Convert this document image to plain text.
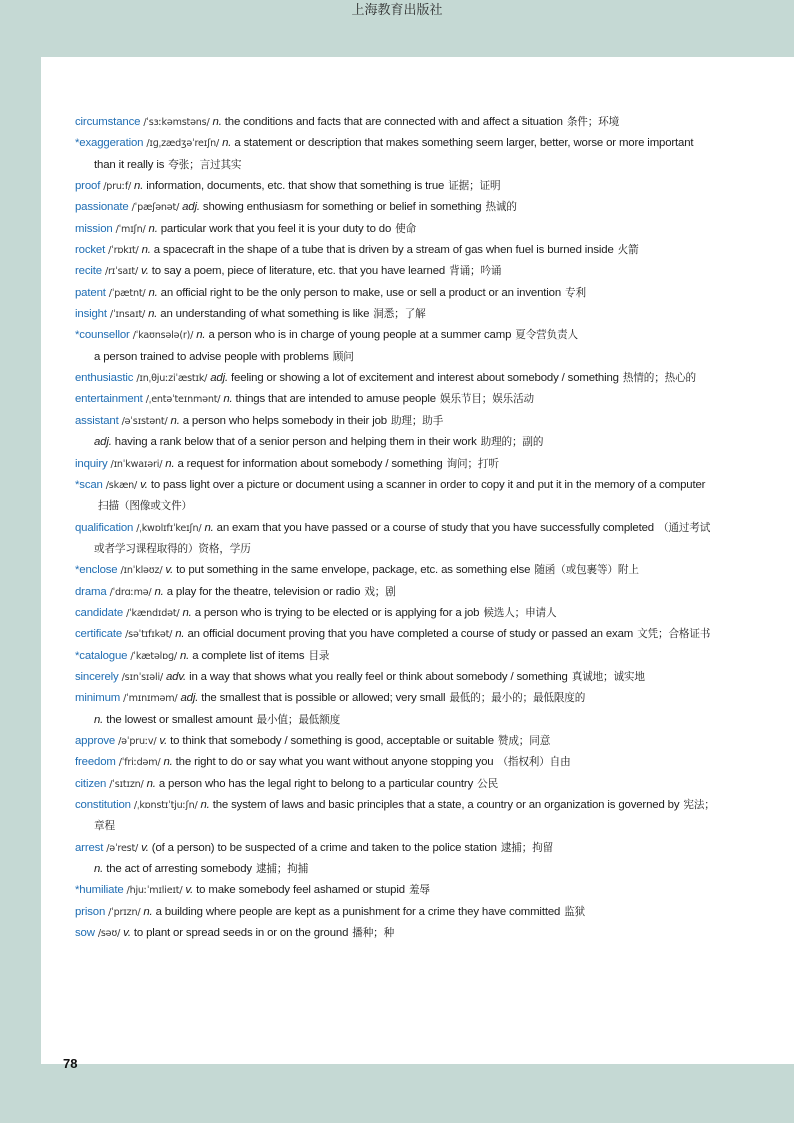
上海教育出版社

circumstance /ˈsɜːkəmstəns/ n. the conditions and facts that are connected with and affect a situation 条件；环境

*exaggeration /ɪɡˌzædʒəˈreɪʃn/ n. a statement or description that makes something seem larger, better, worse or more important than it really is 夸张；言过其实

proof /pruːf/ n. information, documents, etc. that show that something is true 证据；证明

passionate /ˈpæʃənət/ adj. showing enthusiasm for something or belief in something 热诚的

mission /ˈmɪʃn/ n. particular work that you feel it is your duty to do 使命

rocket /ˈrɒkɪt/ n. a spacecraft in the shape of a tube that is driven by a stream of gas when fuel is burned inside 火箭

recite /rɪˈsaɪt/ v. to say a poem, piece of literature, etc. that you have learned 背诵；吟诵

patent /ˈpætnt/ n. an official right to be the only person to make, use or sell a product or an invention 专利

insight /ˈɪnsaɪt/ n. an understanding of what something is like 洞悉；了解

*counsellor /ˈkaʊnsələ(r)/ n. a person who is in charge of young people at a summer camp 夏令营负责人

a person trained to advise people with problems 顾问

enthusiastic /ɪnˌθjuːziˈæstɪk/ adj. feeling or showing a lot of excitement and interest about somebody / something 热情的；热心的

entertainment /ˌentəˈteɪnmənt/ n. things that are intended to amuse people 娱乐节目；娱乐活动

assistant /əˈsɪstənt/ n. a person who helps somebody in their job 助理；助手

adj. having a rank below that of a senior person and helping them in their work 助理的；副的

inquiry /ɪnˈkwaɪəri/ n. a request for information about somebody / something 询问；打听

*scan /skæn/ v. to pass light over a picture or document using a scanner in order to copy it and put it in the memory of a computer扫描（图像或文件）

qualification /ˌkwɒlɪfɪˈkeɪʃn/ n. an exam that you have passed or a course of study that you have successfully completed （通过考试或者学习课程取得的）资格，学历

*enclose /ɪnˈkləʊz/ v. to put something in the same envelope, package, etc. as something else 随函（或包裹等）附上

drama /ˈdrɑːmə/ n. a play for the theatre, television or radio 戏；剧

candidate /ˈkændɪdət/ n. a person who is trying to be elected or is applying for a job 候选人；申请人

certificate /səˈtɪfɪkət/ n. an official document proving that you have completed a course of study or passed an exam 文凭；合格证书

*catalogue /ˈkætəlɒɡ/ n. a complete list of items 目录

sincerely /sɪnˈsɪəli/ adv. in a way that shows what you really feel or think about somebody / something 真诚地；诚实地

minimum /ˈmɪnɪməm/ adj. the smallest that is possible or allowed; very small 最低的；最小的；最低限度的

n. the lowest or smallest amount 最小值；最低额度

approve /əˈpruːv/ v. to think that somebody / something is good, acceptable or suitable 赞成；同意

freedom /ˈfriːdəm/ n. the right to do or say what you want without anyone stopping you （指权利）自由

citizen /ˈsɪtɪzn/ n. a person who has the legal right to belong to a particular country 公民

constitution /ˌkɒnstɪˈtjuːʃn/ n. the system of laws and basic principles that a state, a country or an organization is governed by 宪法；章程

arrest /əˈrest/ v. (of a person) to be suspected of a crime and taken to the police station 逮捕；拘留

n. the act of arresting somebody 逮捕；拘捕

*humiliate /hjuːˈmɪlieɪt/ v. to make somebody feel ashamed or stupid 羞辱

prison /ˈprɪzn/ n. a building where people are kept as a punishment for a crime they have committed 监狱

sow /səʊ/ v. to plant or spread seeds in or on the ground 播种；种

78
